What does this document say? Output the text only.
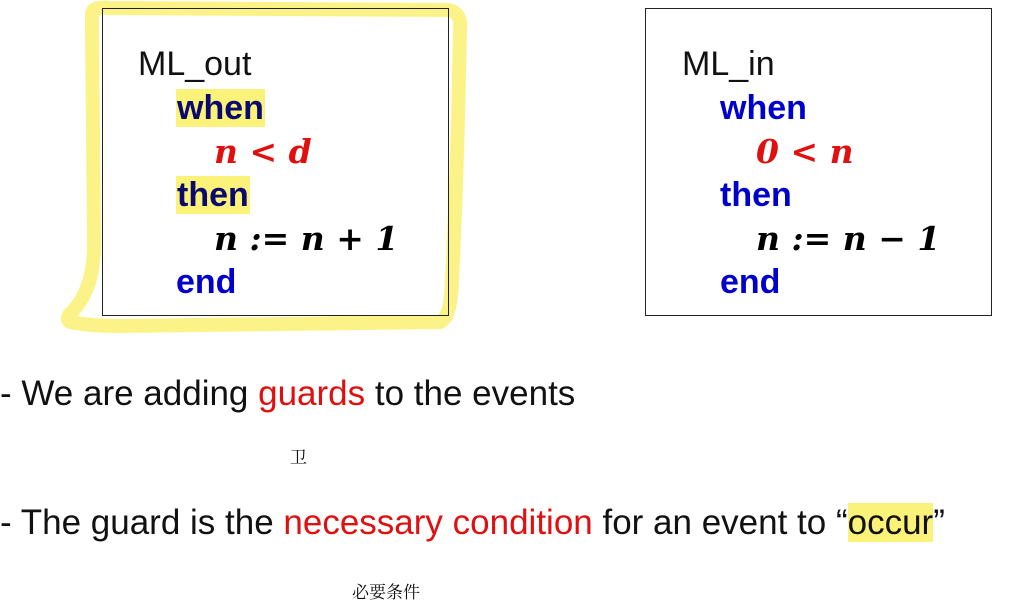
ML_out
when
n < d
then
n := n + 1
end
ML_in
when
0 < n
then
n := n − 1
end
- We are adding guards to the events
卫
- The guard is the necessary condition for an event to “occur”
必要条件
